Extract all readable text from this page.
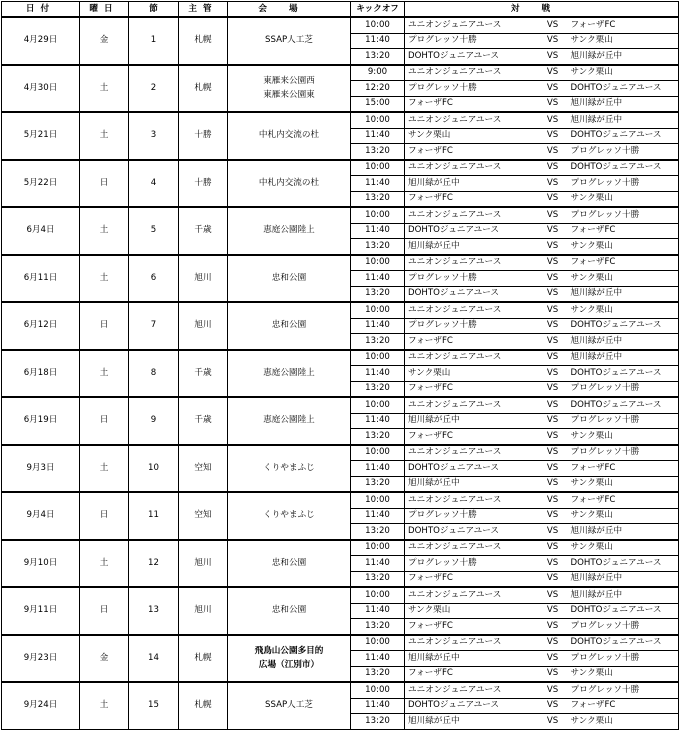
日付	曜日	節	主管	会場	キックオフ	対戦		
4月29日	金	1	札幌	SSAP人工芝	10:00	ユニオンジュニアユース	VS	フォーザFC
					11:40	プログレッソ十勝	VS	サンク栗山
					13:20	DOHTOジュニアユース	VS	旭川緑が丘中
4月30日	土	2	札幌	東雁来公園西
東雁来公園東	9:00	ユニオンジュニアユース	VS	サンク栗山
					12:20	プログレッソ十勝	VS	DOHTOジュニアユース
					15:00	フォーザFC	VS	旭川緑が丘中
5月21日	土	3	十勝	中札内交流の杜	10:00	ユニオンジュニアユース	VS	旭川緑が丘中
					11:40	サンク栗山	VS	DOHTOジュニアユース
					13:20	フォーザFC	VS	プログレッソ十勝
5月22日	日	4	十勝	中札内交流の杜	10:00	ユニオンジュニアユース	VS	DOHTOジュニアユース
					11:40	旭川緑が丘中	VS	プログレッソ十勝
					13:20	フォーザFC	VS	サンク栗山
6月4日	土	5	千歳	恵庭公園陸上	10:00	ユニオンジュニアユース	VS	プログレッソ十勝
					11:40	DOHTOジュニアユース	VS	フォーザFC
					13:20	旭川緑が丘中	VS	サンク栗山
6月11日	土	6	旭川	忠和公園	10:00	ユニオンジュニアユース	VS	フォーザFC
					11:40	プログレッソ十勝	VS	サンク栗山
					13:20	DOHTOジュニアユース	VS	旭川緑が丘中
6月12日	日	7	旭川	忠和公園	10:00	ユニオンジュニアユース	VS	サンク栗山
					11:40	プログレッソ十勝	VS	DOHTOジュニアユース
					13:20	フォーザFC	VS	旭川緑が丘中
6月18日	土	8	千歳	恵庭公園陸上	10:00	ユニオンジュニアユース	VS	旭川緑が丘中
					11:40	サンク栗山	VS	DOHTOジュニアユース
					13:20	フォーザFC	VS	プログレッソ十勝
6月19日	日	9	千歳	恵庭公園陸上	10:00	ユニオンジュニアユース	VS	DOHTOジュニアユース
					11:40	旭川緑が丘中	VS	プログレッソ十勝
					13:20	フォーザFC	VS	サンク栗山
9月3日	土	10	空知	くりやまふじ	10:00	ユニオンジュニアユース	VS	プログレッソ十勝
					11:40	DOHTOジュニアユース	VS	フォーザFC
					13:20	旭川緑が丘中	VS	サンク栗山
9月4日	日	11	空知	くりやまふじ	10:00	ユニオンジュニアユース	VS	フォーザFC
					11:40	プログレッソ十勝	VS	サンク栗山
					13:20	DOHTOジュニアユース	VS	旭川緑が丘中
9月10日	土	12	旭川	忠和公園	10:00	ユニオンジュニアユース	VS	サンク栗山
					11:40	プログレッソ十勝	VS	DOHTOジュニアユース
					13:20	フォーザFC	VS	旭川緑が丘中
9月11日	日	13	旭川	忠和公園	10:00	ユニオンジュニアユース	VS	旭川緑が丘中
					11:40	サンク栗山	VS	DOHTOジュニアユース
					13:20	フォーザFC	VS	プログレッソ十勝
9月23日	金	14	札幌	飛鳥山公園多目的
広場（江別市）	10:00	ユニオンジュニアユース	VS	DOHTOジュニアユース
					11:40	旭川緑が丘中	VS	プログレッソ十勝
					13:20	フォーザFC	VS	サンク栗山
9月24日	土	15	札幌	SSAP人工芝	10:00	ユニオンジュニアユース	VS	プログレッソ十勝
					11:40	DOHTOジュニアユース	VS	フォーザFC
					13:20	旭川緑が丘中	VS	サンク栗山
